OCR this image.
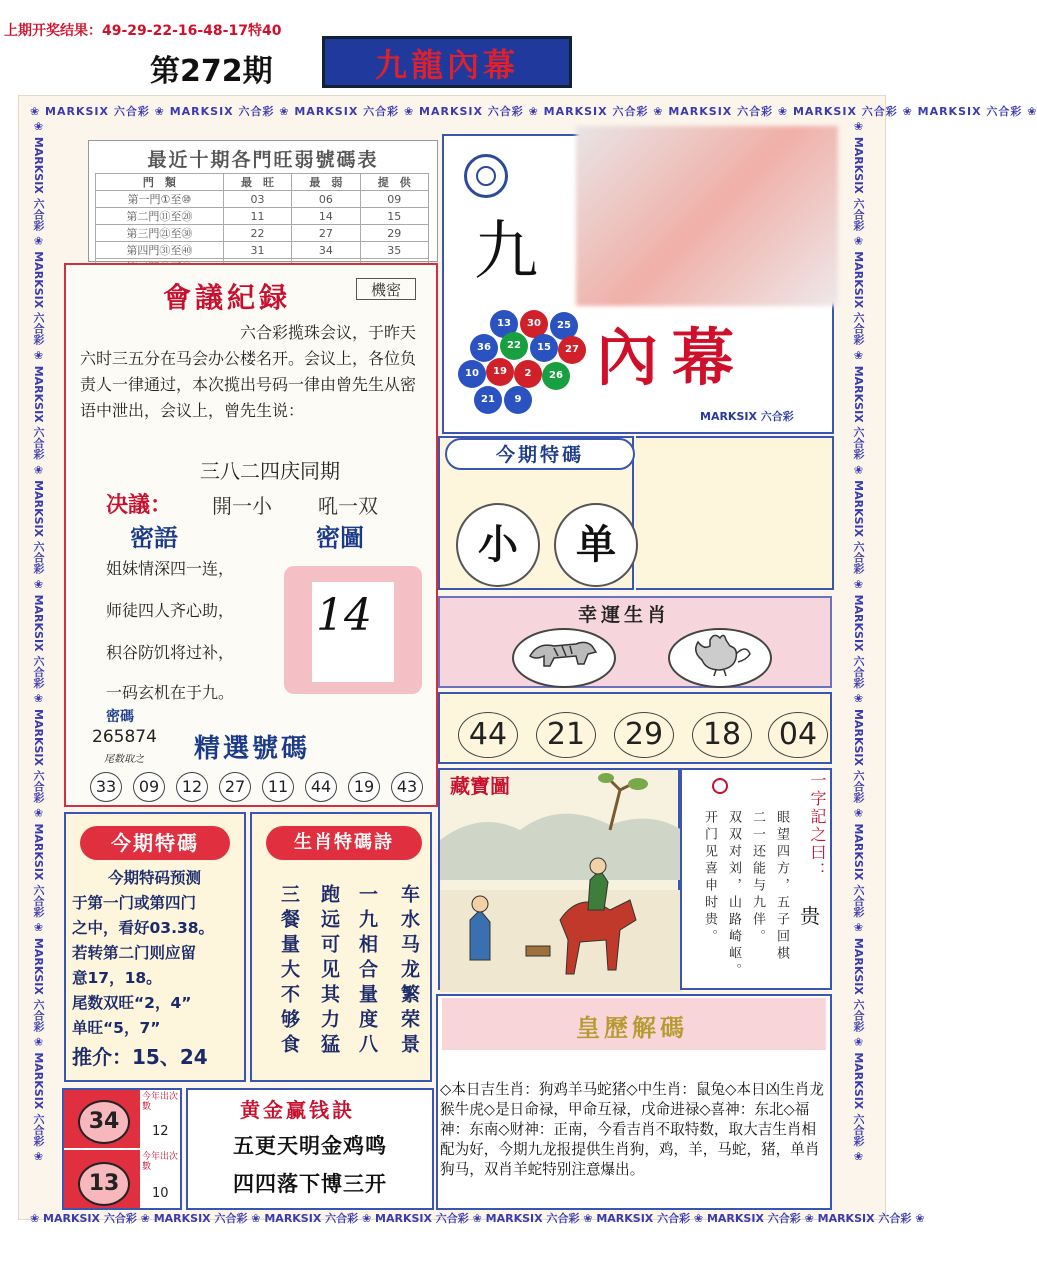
上期开奖结果：49-29-22-16-48-17特40
第272期	九龍內幕
❀ MARKSIX 六合彩 ❀ MARKSIX 六合彩 ❀ MARKSIX 六合彩 ❀ MARKSIX 六合彩 ❀ MARKSIX 六合彩 ❀ MARKSIX 六合彩 ❀ MARKSIX 六合彩 ❀ MARKSIX 六合彩 ❀
❀ MARKSIX 六合彩 ❀ MARKSIX 六合彩 ❀ MARKSIX 六合彩 ❀ MARKSIX 六合彩 ❀ MARKSIX 六合彩 ❀ MARKSIX 六合彩 ❀ MARKSIX 六合彩 ❀ MARKSIX 六合彩 ❀
❀ MARKSIX 六合彩 ❀ MARKSIX 六合彩 ❀ MARKSIX 六合彩 ❀ MARKSIX 六合彩 ❀ MARKSIX 六合彩 ❀ MARKSIX 六合彩 ❀ MARKSIX 六合彩 ❀ MARKSIX 六合彩 ❀ MARKSIX 六合彩 ❀	❀ MARKSIX 六合彩 ❀ MARKSIX 六合彩 ❀ MARKSIX 六合彩 ❀ MARKSIX 六合彩 ❀ MARKSIX 六合彩 ❀ MARKSIX 六合彩 ❀ MARKSIX 六合彩 ❀ MARKSIX 六合彩 ❀ MARKSIX 六合彩 ❀
最近十期各門旺弱號碼表
門　類	最　旺	最　弱	提　供
第一門①至⑩	03	06	09
第二門⑪至⑳	11	14	15
第三門㉑至㉚	22	27	29
第四門㉛至㊵	31	34	35

會議紀録	機密
　　　　　　　　　　六合彩揽珠会议，于昨天六时三五分在马会办公楼名开。会议上，各位负责人一律通过，本次揽出号码一律由曾先生从密语中泄出，会议上，曾先生说：
三八二四庆同期
决議： 開一小 吼一双
密語	密圖
姐妹情深四一连，
师徒四人齐心助，
积谷防饥将过补，
一码玄机在于九。
14
密碼
265874
尾数取之 精選號碼
33	09	12	27	11	44	19	43
九
內幕
13	30	25
36	22	15	27
10	19	2	26
21	9
MARKSIX 六合彩
今期特碼
小	单
幸運生肖
44	21	29	18	04
藏寶圖	一字記之曰：
贵
开门见喜申时贵。 双双对刘，山路崎岖。 二一还能与九伴。 眼望四方，五子回棋
今期特碼
今期特码预测
于第一门或第四门
之中，看好03.38。
若转第二门则应留
意17，18。
尾数双旺“2，4”
单旺“5，7”
推介：15、24
生肖特碼詩
车水马龙繁荣景
一九相合量度八
跑远可见其力猛
三餐量大不够食
34
13
今年出次數
今年出次數
12
10
黄金赢钱訣
五更天明金鸡鸣
四四落下博三开
皇歷解碼
◇本日吉生肖：狗鸡羊马蛇猪◇中生肖：鼠兔◇本日凶生肖龙猴牛虎◇是日命禄，甲命互禄，戊命进禄◇喜神：东北◇福神：东南◇财神：正南，今看吉肖不取特数，取大吉生肖相配为好，今期九龙报提供生肖狗，鸡，羊，马蛇，猪，单肖狗马，双肖羊蛇特别注意爆出。
